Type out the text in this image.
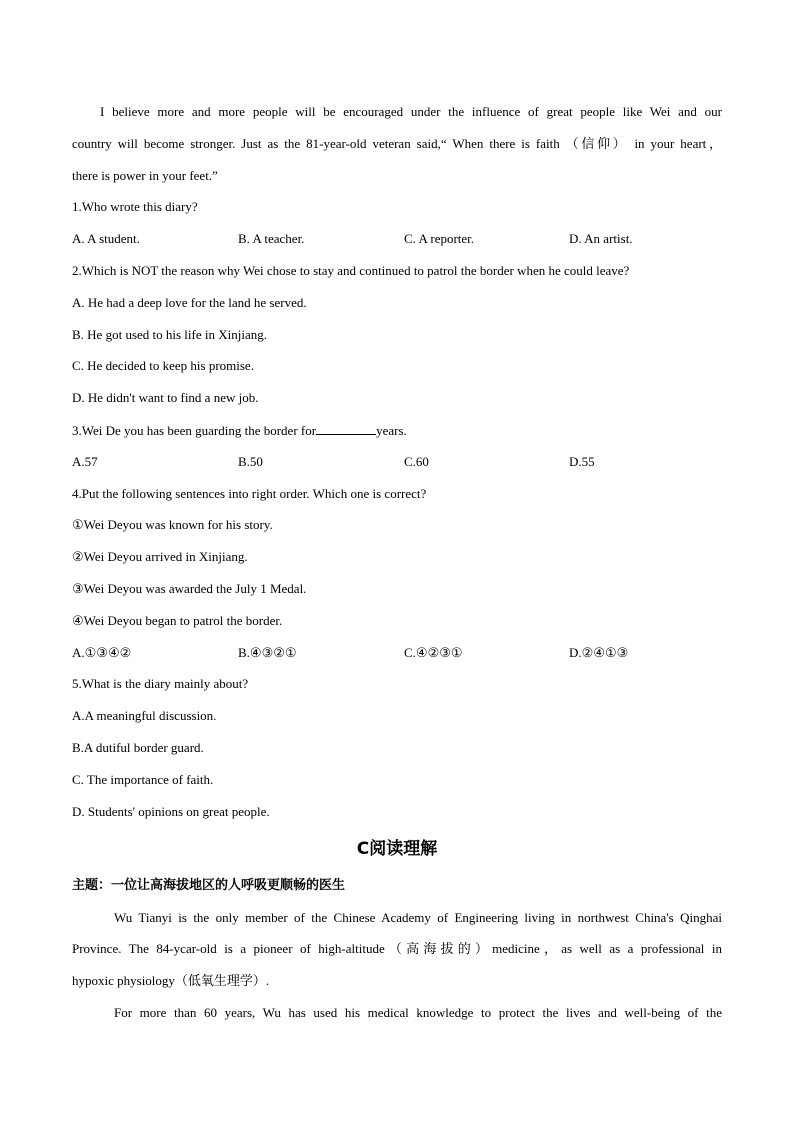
I believe more and more people will be encouraged under the influence of great people like Wei and our
country will become stronger. Just as the 81-year-old veteran said,“ When there is faith （信仰） in your heart，
there is power in your feet.”
1.Who wrote this diary?
A. A student.	B. A teacher.	C. A reporter.	D. An artist.
2.Which is NOT the reason why Wei chose to stay and continued to patrol the border when he could leave?
A. He had a deep love for the land he served.
B. He got used to his life in Xinjiang.
C. He decided to keep his promise.
D. He didn't want to find a new job.
3.Wei De you has been guarding the border for	years.
A.57	B.50	C.60	D.55
4.Put the following sentences into right order. Which one is correct?
①Wei Deyou was known for his story.
②Wei Deyou arrived in Xinjiang.
③Wei Deyou was awarded the July 1 Medal.
④Wei Deyou began to patrol the border.
A.①③④②	B.④③②①	C.④②③①	D.②④①③
5.What is the diary mainly about?
A.A meaningful discussion.
B.A dutiful border guard.
C. The importance of faith.
D. Students' opinions on great people.
C阅读理解
主题：一位让高海拔地区的人呼吸更顺畅的医生
Wu Tianyi is the only member of the Chinese Academy of Engineering living in northwest China's Qinghai
Province. The 84-ycar-old is a pioneer of high-altitude（高海拔的）medicine，as well as a professional in
hypoxic physiology（低氧生理学）.
For more than 60 years, Wu has used his medical knowledge to protect the lives and well-being of the
